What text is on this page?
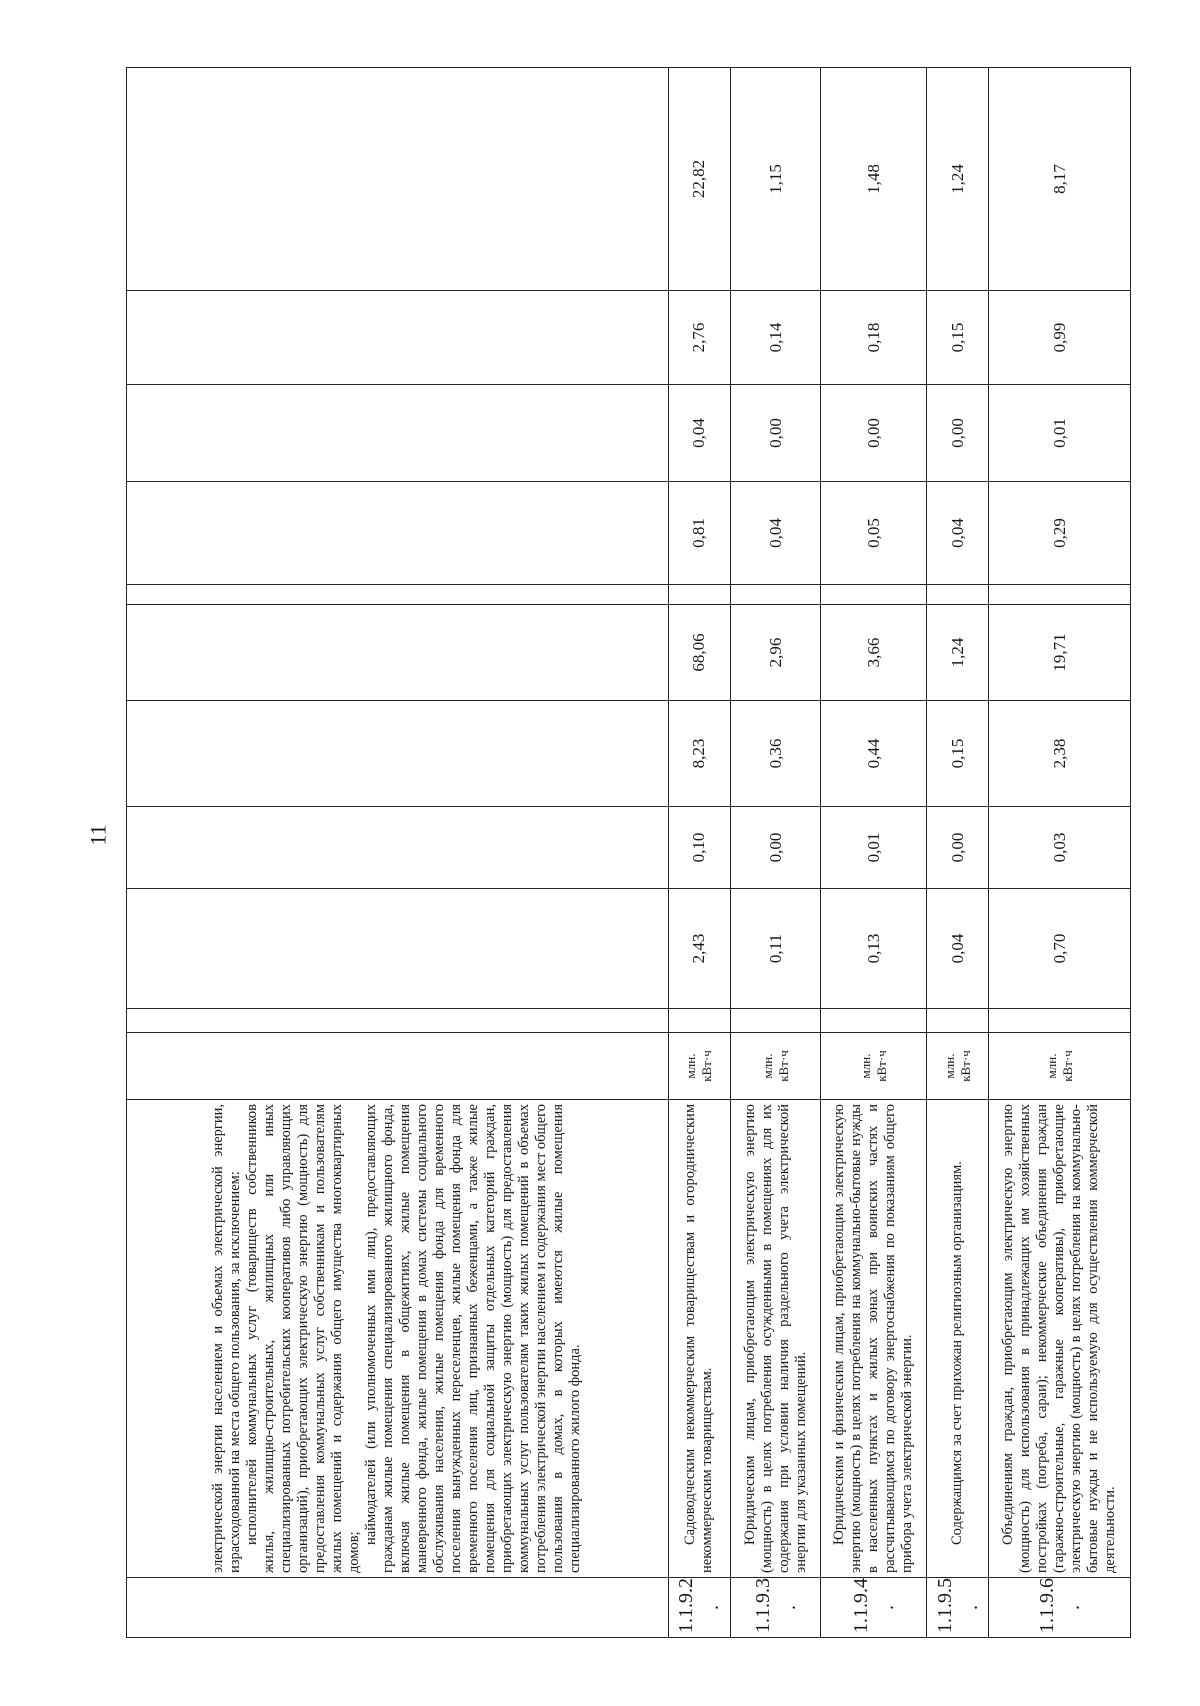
11

	электрической энергии населением и объемах электрической энергии, израсходованной на места общего пользования, за исключением: исполнителей коммунальных услуг (товариществ собственников жилья, жилищно-строительных, жилищных или иных специализированных потребительских кооперативов либо управляющих организаций), приобретающих электрическую энергию (мощность) для предоставления коммунальных услуг собственникам и пользователям жилых помещений и содержания общего имущества многоквартирных домов;

наймодателей (или уполномоченных ими лиц), предоставляющих гражданам жилые помещения специализированного жилищного фонда, включая жилые помещения в общежитиях, жилые помещения маневренного фонда, жилые помещения в домах системы социального обслуживания населения, жилые помещения фонда для временного поселения вынужденных переселенцев, жилые помещения фонда для временного поселения лиц, признанных беженцами, а также жилые помещения для социальной защиты отдельных категорий граждан, приобретающих электрическую энергию (мощность) для предоставления коммунальных услуг пользователям таких жилых помещений в объемах потребления электрической энергии населением и содержания мест общего пользования в домах, в которых имеются жилые помещения специализированного жилого фонда.											

1.1.9.2 .	Садоводческим некоммерческим товариществам и огородническим некоммерческим товариществам.	млн. кВт·ч		2,43	0,10	8,23	68,06		0,81	0,04	2,76	22,82
1.1.9.3 .	Юридическим лицам, приобретающим электрическую энергию (мощность) в целях потребления осужденными в помещениях для их содержания при условии наличия раздельного учета электрической энергии для указанных помещений.	млн. кВт·ч		0,11	0,00	0,36	2,96		0,04	0,00	0,14	1,15
1.1.9.4 .	Юридическим и физическим лицам, приобретающим электрическую энергию (мощность) в целях потребления на коммунально-бытовые нужды в населенных пунктах и жилых зонах при воинских частях и рассчитывающимся по договору энергоснабжения по показаниям общего прибора учета электрической энергии.	млн. кВт·ч		0,13	0,01	0,44	3,66		0,05	0,00	0,18	1,48
1.1.9.5 .	Содержащимся за счет прихожан религиозным организациям.	млн. кВт·ч		0,04	0,00	0,15	1,24		0,04	0,00	0,15	1,24
1.1.9.6 .	Объединениям граждан, приобретающим электрическую энергию (мощность) для использования в принадлежащих им хозяйственных постройках (погреба, сараи); некоммерческие объединения граждан (гаражно-строительные, гаражные кооперативы), приобретающие электрическую энергию (мощность) в целях потребления на коммунально-бытовые нужды и не используемую для осуществления коммерческой деятельности.	млн. кВт·ч		0,70	0,03	2,38	19,71		0,29	0,01	0,99	8,17
